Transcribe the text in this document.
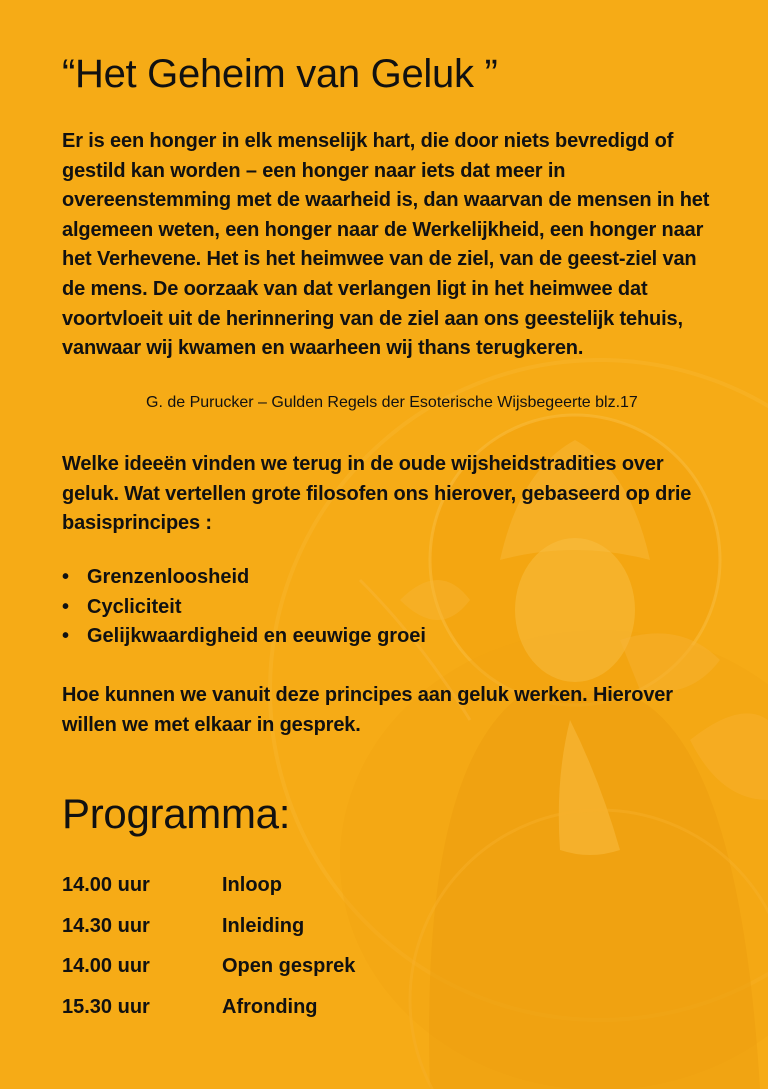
“Het Geheim van Geluk ”

Er is een honger in elk menselijk hart, die door niets bevredigd of gestild kan worden – een honger naar iets dat meer in overeenstemming met de waarheid is, dan waarvan de mensen in het algemeen weten, een honger naar de Werkelijkheid, een honger naar het Verhevene. Het is het heimwee van de ziel, van de geest-ziel van de mens. De oorzaak van dat verlangen ligt in het heimwee dat voortvloeit uit de herinnering van de ziel aan ons geestelijk tehuis, vanwaar wij kwamen en waarheen wij thans terugkeren.

G. de Purucker – Gulden Regels der Esoterische Wijsbegeerte blz.17

Welke ideeën vinden we terug in de oude wijsheidstradities over geluk. Wat vertellen grote filosofen ons hierover, gebaseerd op drie basisprincipes :

• Grenzenloosheid
• Cycliciteit
• Gelijkwaardigheid en eeuwige groei

Hoe kunnen we vanuit deze principes aan geluk werken. Hierover willen we met elkaar in gesprek.

Programma:
14.00 uur	Inloop
14.30 uur	Inleiding
14.00 uur	Open gesprek
15.30 uur	Afronding
